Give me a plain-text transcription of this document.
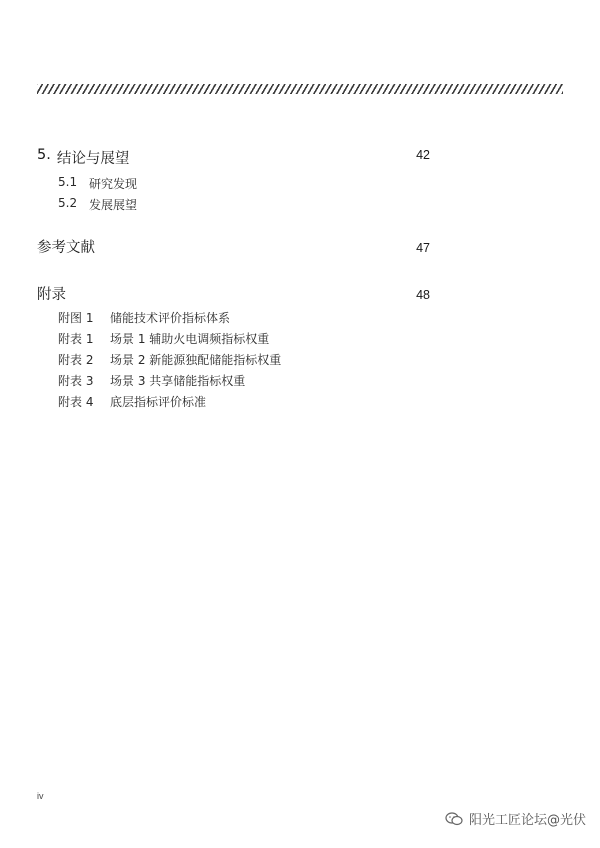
5. 结论与展望	42
5.1 研究发现
5.2 发展展望
参考文献	47
附录	48
附图 1	储能技术评价指标体系
附表 1	场景 1 辅助火电调频指标权重
附表 2	场景 2 新能源独配储能指标权重
附表 3	场景 3 共享储能指标权重
附表 4	底层指标评价标准
iv
阳光工匠论坛@光伏
